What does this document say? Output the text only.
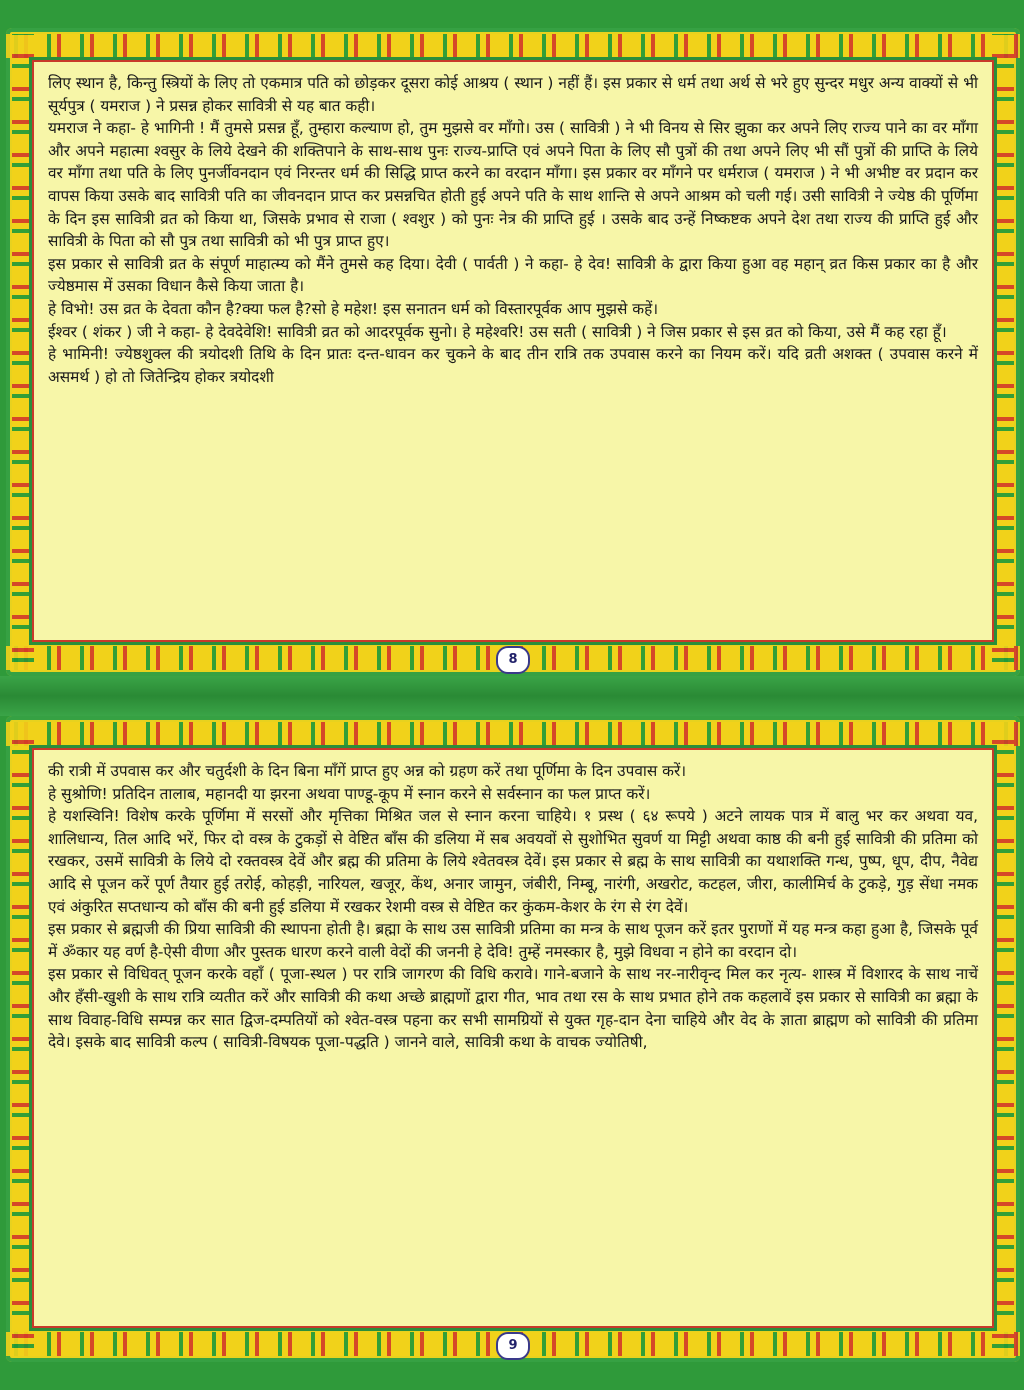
लिए स्थान है, किन्तु स्त्रियों के लिए तो एकमात्र पति को छोड़कर दूसरा कोई आश्रय ( स्थान ) नहीं हैं। इस प्रकार से धर्म तथा अर्थ से भरे हुए सुन्दर मधुर अन्य वाक्यों से भी सूर्यपुत्र ( यमराज ) ने प्रसन्न होकर सावित्री से यह बात कही।

यमराज ने कहा- हे भागिनी ! मैं तुमसे प्रसन्न हूँ, तुम्हारा कल्याण हो, तुम मुझसे वर माँगो। उस ( सावित्री ) ने भी विनय से सिर झुका कर अपने लिए राज्य पाने का वर माँगा और अपने महात्मा श्वसुर के लिये देखने की शक्तिपाने के साथ-साथ पुनः राज्य-प्राप्ति एवं अपने पिता के लिए सौ पुत्रों की तथा अपने लिए भी सौं पुत्रों की प्राप्ति के लिये वर माँगा तथा पति के लिए पुनर्जीवनदान एवं निरन्तर धर्म की सिद्धि प्राप्त करने का वरदान माँगा। इस प्रकार वर माँगने पर धर्मराज ( यमराज ) ने भी अभीष्ट वर प्रदान कर वापस किया उसके बाद सावित्री पति का जीवनदान प्राप्त कर प्रसन्नचित होती हुई अपने पति के साथ शान्ति से अपने आश्रम को चली गई। उसी सावित्री ने ज्येष्ठ की पूर्णिमा के दिन इस सावित्री व्रत को किया था, जिसके प्रभाव से राजा ( श्वशुर ) को पुनः नेत्र की प्राप्ति हुई । उसके बाद उन्हें निष्कष्टक अपने देश तथा राज्य की प्राप्ति हुई और सावित्री के पिता को सौ पुत्र तथा सावित्री को भी पुत्र प्राप्त हुए।

इस प्रकार से सावित्री व्रत के संपूर्ण माहात्म्य को मैंने तुमसे कह दिया। देवी ( पार्वती ) ने कहा- हे देव! सावित्री के द्वारा किया हुआ वह महान् व्रत किस प्रकार का है और ज्येष्ठमास में उसका विधान कैसे किया जाता है।

हे विभो! उस व्रत के देवता कौन है?क्या फल है?सो हे महेश! इस सनातन धर्म को विस्तारपूर्वक आप मुझसे कहें।

ईश्वर ( शंकर ) जी ने कहा- हे देवदेवेशि! सावित्री व्रत को आदरपूर्वक सुनो। हे महेश्वरि! उस सती ( सावित्री ) ने जिस प्रकार से इस व्रत को किया, उसे मैं कह रहा हूँ।

हे भामिनी! ज्येष्ठशुक्ल की त्रयोदशी तिथि के दिन प्रातः दन्त-धावन कर चुकने के बाद तीन रात्रि तक उपवास करने का नियम करें। यदि व्रती अशक्त ( उपवास करने में असमर्थ ) हो तो जितेन्द्रिय होकर त्रयोदशी

8

की रात्री में उपवास कर और चतुर्दशी के दिन बिना माँगें प्राप्त हुए अन्न को ग्रहण करें तथा पूर्णिमा के दिन उपवास करें।

हे सुश्रोणि! प्रतिदिन तालाब, महानदी या झरना अथवा पाण्डू-कूप में स्नान करने से सर्वस्नान का फल प्राप्त करें।

हे यशस्विनि! विशेष करके पूर्णिमा में सरसों और मृत्तिका मिश्रित जल से स्नान करना चाहिये। १ प्रस्थ ( ६४ रूपये ) अटने लायक पात्र में बालु भर कर अथवा यव, शालिधान्य, तिल आदि भरें, फिर दो वस्त्र के टुकड़ों से वेष्टित बाँस की डलिया में सब अवयवों से सुशोभित सुवर्ण या मिट्टी अथवा काष्ठ की बनी हुई सावित्री की प्रतिमा को रखकर, उसमें सावित्री के लिये दो रक्तवस्त्र देवें और ब्रह्म की प्रतिमा के लिये श्वेतवस्त्र देवें। इस प्रकार से ब्रह्म के साथ सावित्री का यथाशक्ति गन्ध, पुष्प, धूप, दीप, नैवेद्य आदि से पूजन करें पूर्ण तैयार हुई तरोई, कोहड़ी, नारियल, खजूर, केंथ, अनार जामुन, जंबीरी, निम्बू, नारंगी, अखरोट, कटहल, जीरा, कालीमिर्च के टुकड़े, गुड़ सेंधा नमक एवं अंकुरित सप्तधान्य को बाँस की बनी हुई डलिया में रखकर रेशमी वस्त्र से वेष्टित कर कुंकम-केशर के रंग से रंग देवें।

इस प्रकार से ब्रह्मजी की प्रिया सावित्री की स्थापना होती है। ब्रह्मा के साथ उस सावित्री प्रतिमा का मन्त्र के साथ पूजन करें इतर पुराणों में यह मन्त्र कहा हुआ है, जिसके पूर्व में ॐकार यह वर्ण है-ऐसी वीणा और पुस्तक धारण करने वाली वेदों की जननी हे देवि! तुम्हें नमस्कार है, मुझे विधवा न होने का वरदान दो।

इस प्रकार से विधिवत् पूजन करके वहाँ ( पूजा-स्थल ) पर रात्रि जागरण की विधि करावे। गाने-बजाने के साथ नर-नारीवृन्द मिल कर नृत्य- शास्त्र में विशारद के साथ नाचें और हँसी-खुशी के साथ रात्रि व्यतीत करें और सावित्री की कथा अच्छे ब्राह्मणों द्वारा गीत, भाव तथा रस के साथ प्रभात होने तक कहलावें इस प्रकार से सावित्री का ब्रह्मा के साथ विवाह-विधि सम्पन्न कर सात द्विज-दम्पतियों को श्वेत-वस्त्र पहना कर सभी सामग्रियों से युक्त गृह-दान देना चाहिये और वेद के ज्ञाता ब्राह्मण को सावित्री की प्रतिमा देवे। इसके बाद सावित्री कल्प ( सावित्री-विषयक पूजा-पद्धति ) जानने वाले, सावित्री कथा के वाचक ज्योतिषी,

9
